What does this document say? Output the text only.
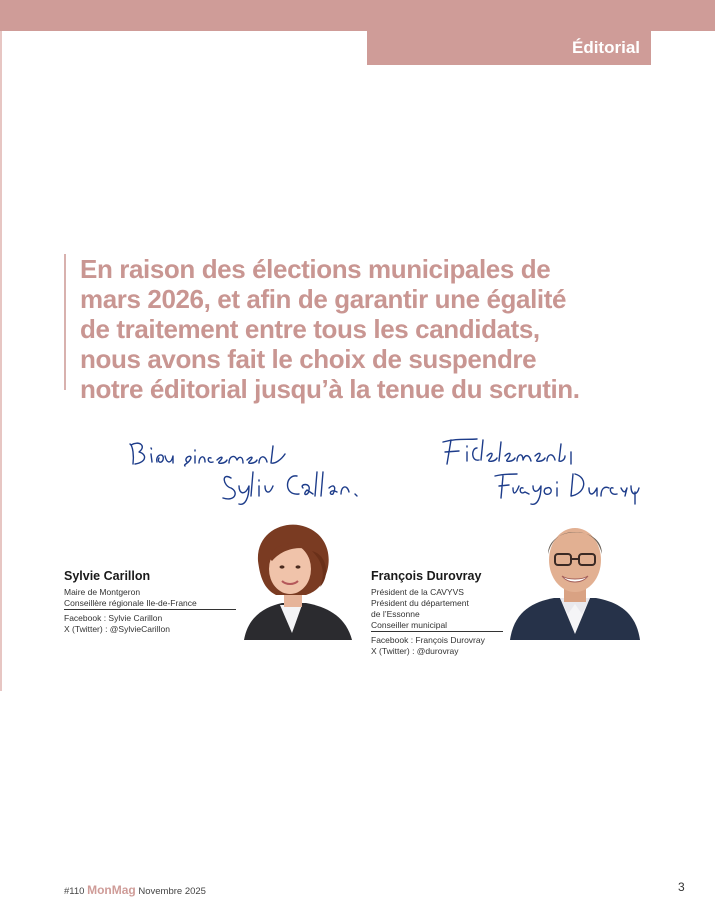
Éditorial

En raison des élections municipales de
mars 2026, et afin de garantir une égalité
de traitement entre tous les candidats,
nous avons fait le choix de suspendre
notre éditorial jusqu’à la tenue du scrutin.

Sylvie Carillon
Maire de Montgeron
Conseillère régionale Ile-de-France
Facebook : Sylvie Carillon
X (Twitter) : @SylvieCarillon
François Durovray
Président de la CAVYVS
Président du département
de l’Essonne
Conseiller municipal
Facebook : François Durovray
X (Twitter) : @durovray
#110 MonMag Novembre 2025	3
